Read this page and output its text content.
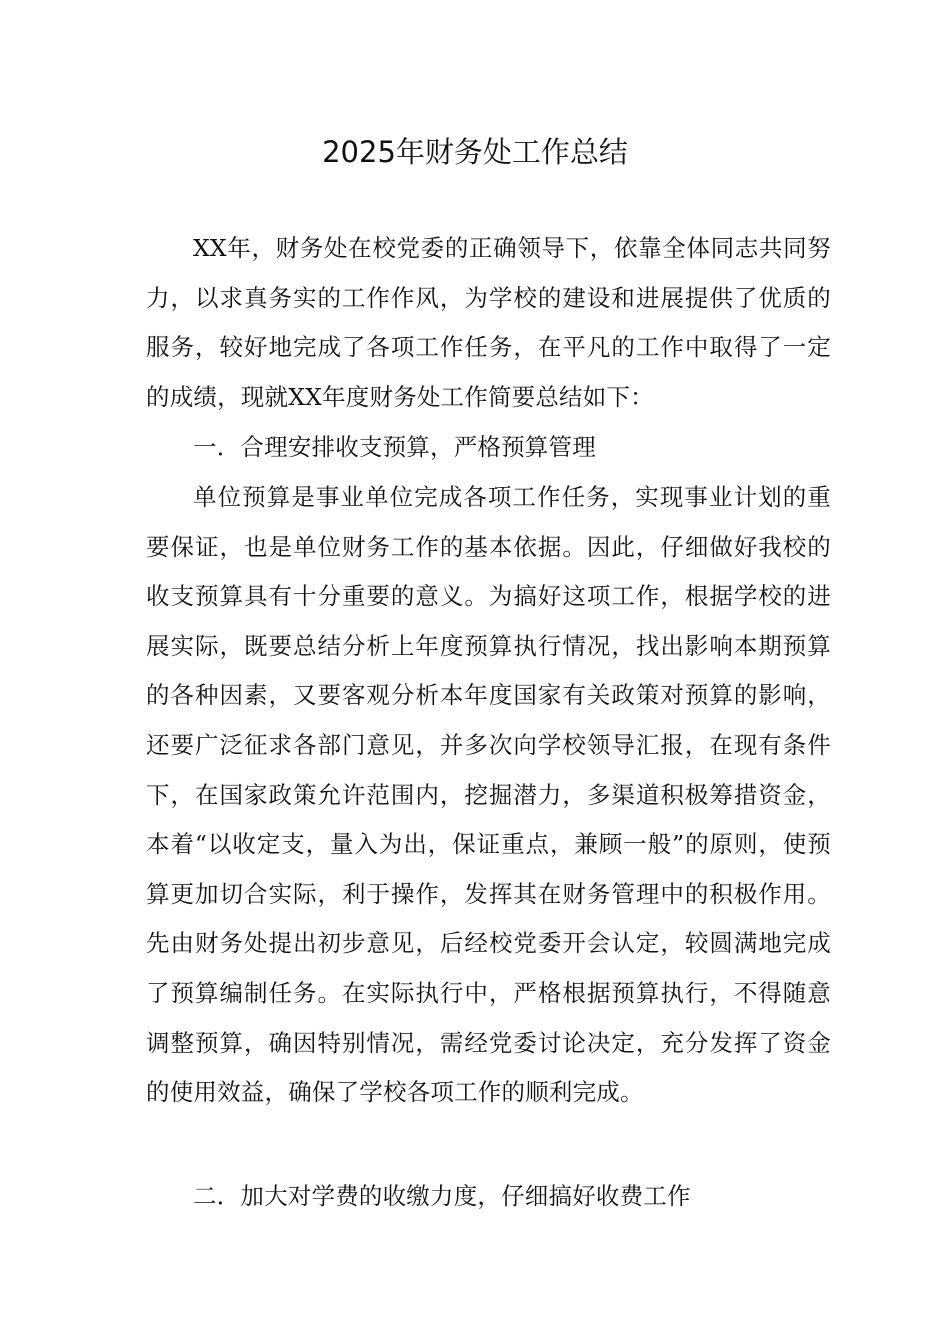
2025年财务处工作总结

XX年，财务处在校党委的正确领导下，依靠全体同志共同努力，以求真务实的工作作风，为学校的建设和进展提供了优质的服务，较好地完成了各项工作任务，在平凡的工作中取得了一定的成绩，现就XX年度财务处工作简要总结如下：

一．合理安排收支预算，严格预算管理

单位预算是事业单位完成各项工作任务，实现事业计划的重要保证，也是单位财务工作的基本依据。因此，仔细做好我校的收支预算具有十分重要的意义。为搞好这项工作，根据学校的进展实际，既要总结分析上年度预算执行情况，找出影响本期预算的各种因素，又要客观分析本年度国家有关政策对预算的影响，还要广泛征求各部门意见，并多次向学校领导汇报，在现有条件下，在国家政策允许范围内，挖掘潜力，多渠道积极筹措资金，本着“以收定支，量入为出，保证重点，兼顾一般”的原则，使预算更加切合实际，利于操作，发挥其在财务管理中的积极作用。先由财务处提出初步意见，后经校党委开会认定，较圆满地完成了预算编制任务。在实际执行中，严格根据预算执行，不得随意调整预算，确因特别情况，需经党委讨论决定，充分发挥了资金的使用效益，确保了学校各项工作的顺利完成。

二．加大对学费的收缴力度，仔细搞好收费工作
